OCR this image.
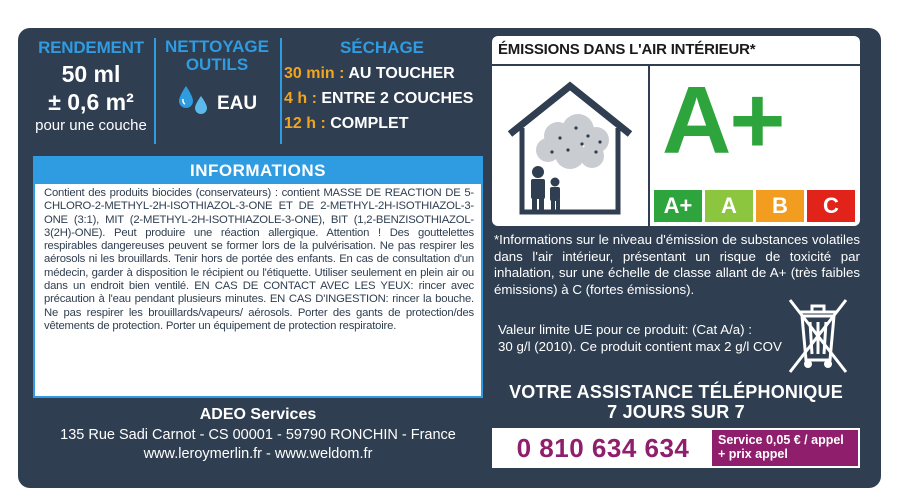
RENDEMENT
50 ml
± 0,6 m²
pour une couche
NETTOYAGE
OUTILS
EAU
SÉCHAGE
30 min : AU TOUCHER
4 h : ENTRE 2 COUCHES
12 h : COMPLET
INFORMATIONS
Contient des produits biocides (conservateurs) : contient MASSE DE REACTION DE 5-CHLORO-2-METHYL-2H-ISOTHIAZOL-3-ONE ET DE 2-METHYL-2H-ISOTHIAZOL-3-ONE (3:1), MIT (2-METHYL-2H-ISOTHIAZOLE-3-ONE), BIT (1,2-BENZISOTHIAZOL-3(2H)-ONE). Peut produire une réaction allergique. Attention ! Des gouttelettes respirables dangereuses peuvent se former lors de la pulvérisation. Ne pas respirer les aérosols ni les brouillards. Tenir hors de portée des enfants. En cas de consultation d'un médecin, garder à disposition le récipient ou l'étiquette. Utiliser seulement en plein air ou dans un endroit bien ventilé. EN CAS DE CONTACT AVEC LES YEUX: rincer avec précaution à l'eau pendant plusieurs minutes. EN CAS D'INGESTION: rincer la bouche. Ne pas respirer les brouillards/vapeurs/ aérosols. Porter des gants de protection/des vêtements de protection. Porter un équipement de protection respiratoire.
ADEO Services
135 Rue Sadi Carnot - CS 00001 - 59790 RONCHIN - France
www.leroymerlin.fr - www.weldom.fr
ÉMISSIONS DANS L'AIR INTÉRIEUR*
A+
A+	A	B	C
*Informations sur le niveau d'émission de substances volatiles dans l'air intérieur, présentant un risque de toxicité par inhalation, sur une échelle de classe allant de A+ (très faibles émissions) à C (fortes émissions).
Valeur limite UE pour ce produit: (Cat A/a) :
30 g/l (2010). Ce produit contient max 2 g/l COV
VOTRE ASSISTANCE TÉLÉPHONIQUE
7 JOURS SUR 7
0 810 634 634	Service 0,05 € / appel
+ prix appel
